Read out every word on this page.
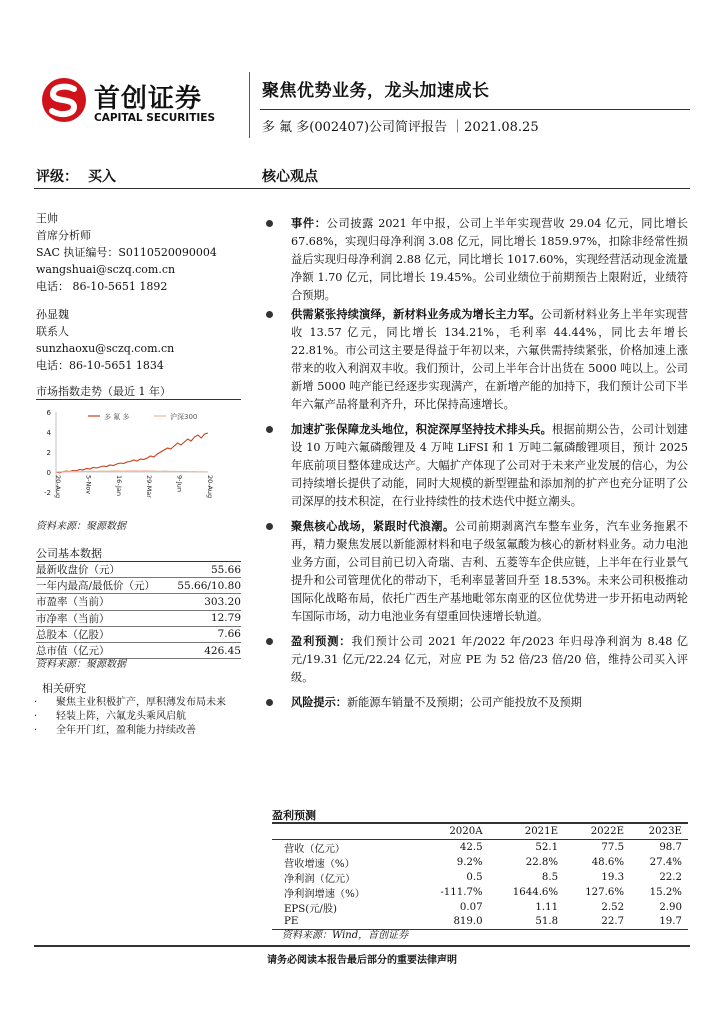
首创证券
CAPITAL SECURITIES
聚焦优势业务，龙头加速成长
多 氟 多(002407)公司简评报告 ｜2021.08.25
评级： 买入	核心观点
王帅
首席分析师
SAC 执证编号：S0110520090004
wangshuai@sczq.com.cn
电话： 86-10-5651 1892
孙显魏
联系人
sunzhaoxu@sczq.com.cn
电话：86-10-5651 1834
市场指数走势（最近 1 年）
6
4
2
0
-2 20-Aug	5-Nov	16-Jan	29-Mar	9-Jun	20-Aug
多 氟 多	沪深300
资料来源：聚源数据
公司基本数据
最新收盘价（元）	55.66
一年内最高/最低价（元）	55.66/10.80
市盈率（当前）	303.20
市净率（当前）	12.79
总股本（亿股）	7.66
总市值（亿元）	426.45
资料来源：聚源数据
相关研究
· 聚焦主业积极扩产，厚积薄发布局未来
· 轻装上阵，六氟龙头乘风启航
· 全年开门红，盈利能力持续改善
事件：公司披露 2021 年中报，公司上半年实现营收 29.04 亿元，同比增长 67.68%，实现归母净利润 3.08 亿元，同比增长 1859.97%，扣除非经常性损益后实现归母净利润 2.88 亿元，同比增长 1017.60%，实现经营活动现金流量净额 1.70 亿元，同比增长 19.45%。公司业绩位于前期预告上限附近，业绩符合预期。
供需紧张持续演绎，新材料业务成为增长主力军。公司新材料业务上半年实现营收 13.57 亿元，同比增长 134.21%，毛利率 44.44%，同比去年增长 22.81%。市公司这主要是得益于年初以来，六氟供需持续紧张，价格加速上涨带来的收入利润双丰收。我们预计，公司上半年合计出货在 5000 吨以上。公司新增 5000 吨产能已经逐步实现满产，在新增产能的加持下，我们预计公司下半年六氟产品将量利齐升，环比保持高速增长。
加速扩张保障龙头地位，积淀深厚坚持技术排头兵。根据前期公告，公司计划建设 10 万吨六氟磷酸锂及 4 万吨 LiFSI 和 1 万吨二氟磷酸锂项目，预计 2025 年底前项目整体建成达产。大幅扩产体现了公司对于未来产业发展的信心，为公司持续增长提供了动能，同时大规模的新型锂盐和添加剂的扩产也充分证明了公司深厚的技术积淀，在行业持续性的技术迭代中挺立潮头。
聚焦核心战场，紧跟时代浪潮。公司前期剥离汽车整车业务，汽车业务拖累不再，精力聚焦发展以新能源材料和电子级氢氟酸为核心的新材料业务。动力电池业务方面，公司目前已切入奇瑞、吉利、五菱等车企供应链，上半年在行业景气提升和公司管理优化的带动下，毛利率显著回升至 18.53%。未来公司积极推动国际化战略布局，依托广西生产基地毗邻东南亚的区位优势进一步开拓电动两轮车国际市场，动力电池业务有望重回快速增长轨道。
盈利预测：我们预计公司 2021 年/2022 年/2023 年归母净利润为 8.48 亿元/19.31 亿元/22.24 亿元，对应 PE 为 52 倍/23 倍/20 倍，维持公司买入评级。
风险提示：新能源车销量不及预期；公司产能投放不及预期
盈利预测
	2020A	2021E	2022E	2023E
营收（亿元）	42.5	52.1	77.5	98.7
营收增速（%）	9.2%	22.8%	48.6%	27.4%
净利润（亿元）	0.5	8.5	19.3	22.2
净利润增速（%）	-111.7%	1644.6%	127.6%	15.2%
EPS(元/股)	0.07	1.11	2.52	2.90
PE	819.0	51.8	22.7	19.7
资料来源：Wind，首创证券
请务必阅读本报告最后部分的重要法律声明
